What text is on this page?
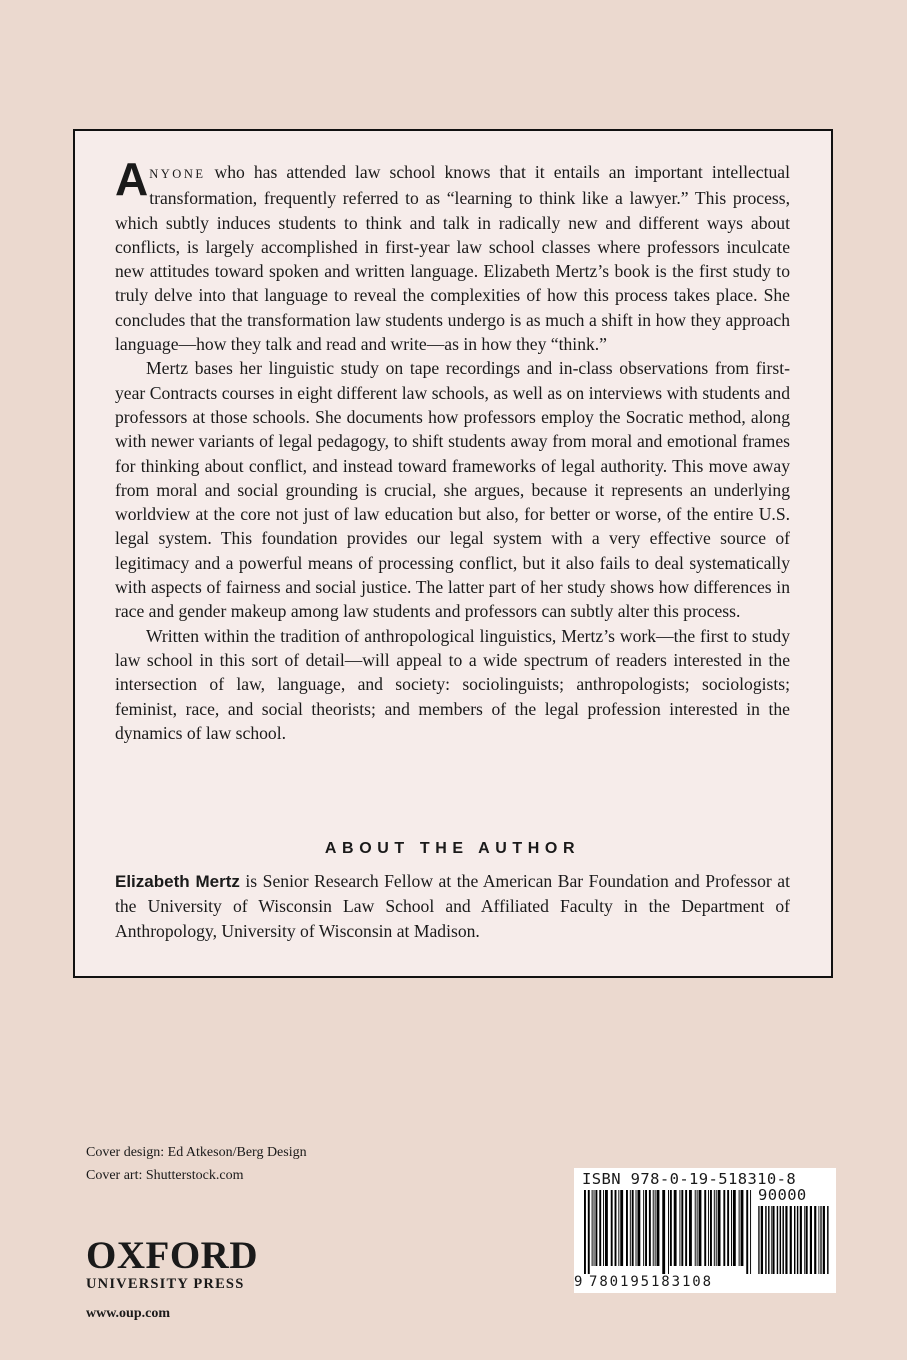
ANYONE who has attended law school knows that it entails an important intellectual transformation, frequently referred to as “learning to think like a lawyer.” This process, which subtly induces students to think and talk in radically new and different ways about conflicts, is largely accomplished in first-year law school classes where professors inculcate new attitudes toward spoken and written language. Elizabeth Mertz’s book is the first study to truly delve into that language to reveal the complexities of how this process takes place. She concludes that the transformation law students undergo is as much a shift in how they approach language—how they talk and read and write—as in how they “think.”

Mertz bases her linguistic study on tape recordings and in-class observations from first-year Contracts courses in eight different law schools, as well as on interviews with students and professors at those schools. She documents how professors employ the Socratic method, along with newer variants of legal pedagogy, to shift students away from moral and emotional frames for thinking about conflict, and instead toward frameworks of legal authority. This move away from moral and social grounding is crucial, she argues, because it represents an underlying worldview at the core not just of law education but also, for better or worse, of the entire U.S. legal system. This foundation provides our legal system with a very effective source of legitimacy and a powerful means of processing conflict, but it also fails to deal systematically with aspects of fairness and social justice. The latter part of her study shows how differences in race and gender makeup among law students and professors can subtly alter this process.

Written within the tradition of anthropological linguistics, Mertz’s work—the first to study law school in this sort of detail—will appeal to a wide spectrum of readers interested in the intersection of law, language, and society: sociolinguists; anthropologists; sociologists; feminist, race, and social theorists; and members of the legal profession interested in the dynamics of law school.

ABOUT THE AUTHOR
Elizabeth Mertz is Senior Research Fellow at the American Bar Foundation and Professor at the University of Wisconsin Law School and Affiliated Faculty in the Department of Anthropology, University of Wisconsin at Madison.
Cover design: Ed Atkeson/Berg Design
Cover art: Shutterstock.com
OXFORD
UNIVERSITY PRESS
www.oup.com
ISBN 978-0-19-518310-8
90000
9 780195183108
